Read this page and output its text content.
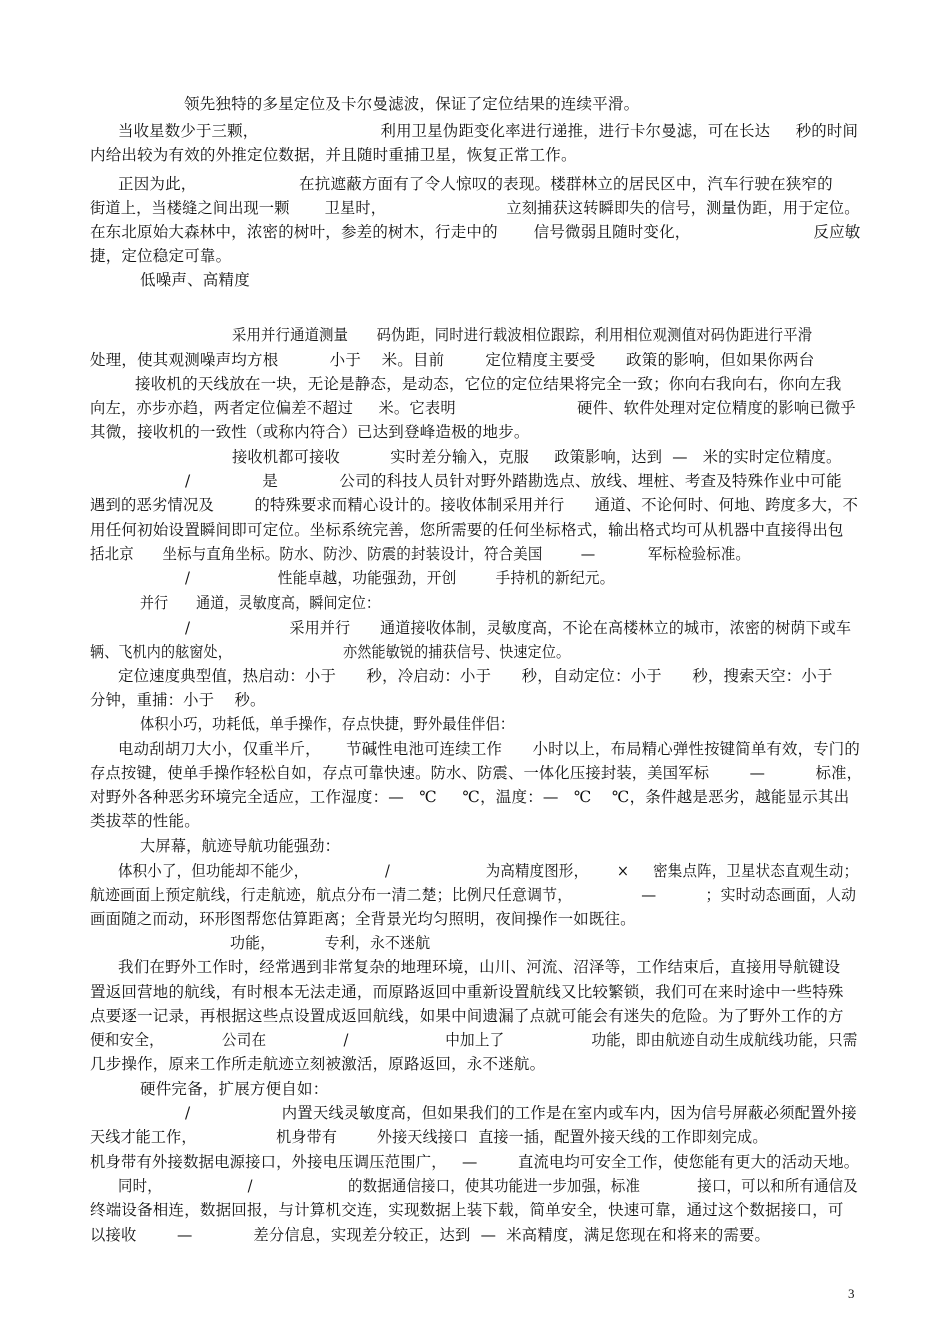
领先独特的多星定位及卡尔曼滤波，保证了定位结果的连续平滑。
当收星数少于三颗，                        利用卫星伪距变化率进行递推，进行卡尔曼滤，可在长达     秒的时间
内给出较为有效的外推定位数据，并且随时重捕卫星，恢复正常工作。
正因为此，                    在抗遮蔽方面有了令人惊叹的表现。楼群林立的居民区中，汽车行驶在狭窄的
街道上，当楼缝之间出现一颗       卫星时，                        立刻捕获这转瞬即失的信号，测量伪距，用于定位。
在东北原始大森林中，浓密的树叶，参差的树木，行走中的       信号微弱且随时变化，                        反应敏
捷，定位稳定可靠。
低噪声、高精度
采用并行通道测量      码伪距，同时进行载波相位跟踪，利用相位观测值对码伪距进行平滑
处理，使其观测噪声均方根          小于    米。目前        定位精度主要受      政策的影响，但如果你两台
接收机的天线放在一块，无论是静态，是动态，它位的定位结果将完全一致；你向右我向右，你向左我
向左，亦步亦趋，两者定位偏差不超过     米。它表明                        硬件、软件处理对定位精度的影响已微乎
其微，接收机的一致性（或称内符合）已达到登峰造极的地步。
接收机都可接收          实时差分输入，克服     政策影响，达到  —   米的实时定位精度。
/              是            公司的科技人员针对野外踏勘选点、放线、埋桩、考查及特殊作业中可能
遇到的恶劣情况及        的特殊要求而精心设计的。接收体制采用并行      通道、不论何时、何地、跨度多大，不
用任何初始设置瞬间即可定位。坐标系统完善，您所需要的任何坐标格式，输出格式均可从机器中直接得出包
括北京      坐标与直角坐标。防水、防沙、防震的封装设计，符合美国        —           军标检验标准。
/                  性能卓越，功能强劲，开创        手持机的新纪元。
并行      通道，灵敏度高，瞬间定位：
/                    采用并行      通道接收体制，灵敏度高，不论在高楼林立的城市，浓密的树荫下或车
辆、飞机内的舷窗处，                        亦然能敏锐的捕获信号、快速定位。
定位速度典型值，热启动：小于      秒，冷启动：小于      秒，自动定位：小于      秒，搜索天空：小于
分钟，重捕：小于    秒。
体积小巧，功耗低，单手操作，存点快捷，野外最佳伴侣：
电动刮胡刀大小，仅重半斤，     节碱性电池可连续工作      小时以上，布局精心弹性按键简单有效，专门的
存点按键，使单手操作轻松自如，存点可靠快速。防水、防震、一体化压接封装，美国军标        —          标准，
对野外各种恶劣环境完全适应，工作湿度：—   ℃     ℃，温度：—   ℃    ℃，条件越是恶劣，越能显示其出
类拔萃的性能。
大屏幕，航迹导航功能强劲：
体积小了，但功能却不能少，                /                    为高精度图形，      ×     密集点阵，卫星状态直观生动；
航迹画面上预定航线，行走航迹，航点分布一清二楚；比例尺任意调节，              —          ；实时动态画面，人动
画面随之而动，环形图帮您估算距离；全背景光均匀照明，夜间操作一如既往。
功能，          专利，永不迷航
我们在野外工作时，经常遇到非常复杂的地理环境，山川、河流、沼泽等，工作结束后，直接用导航键设
置返回营地的航线，有时根本无法走通，而原路返回中重新设置航线又比较繁锁，我们可在来时途中一些特殊
点要逐一记录，再根据这些点设置成返回航线，如果中间遗漏了点就可能会有迷失的危险。为了野外工作的方
便和安全，            公司在                /                    中加上了                  功能，即由航迹自动生成航线功能，只需
几步操作，原来工作所走航迹立刻被激活，原路返回，永不迷航。
硬件完备，扩展方便自如：
/                  内置天线灵敏度高，但如果我们的工作是在室内或车内，因为信号屏蔽必须配置外接
天线才能工作，                机身带有        外接天线接口  直接一插，配置外接天线的工作即刻完成。
机身带有外接数据电源接口，外接电压调压范围广，   —        直流电均可安全工作，使您能有更大的活动天地。
同时，                  /                    的数据通信接口，使其功能进一步加强，标准            接口，可以和所有通信及
终端设备相连，数据回报，与计算机交连，实现数据上装下载，简单安全，快速可靠，通过这个数据接口，可
以接收        —            差分信息，实现差分较正，达到  —  米高精度，满足您现在和将来的需要。
3
